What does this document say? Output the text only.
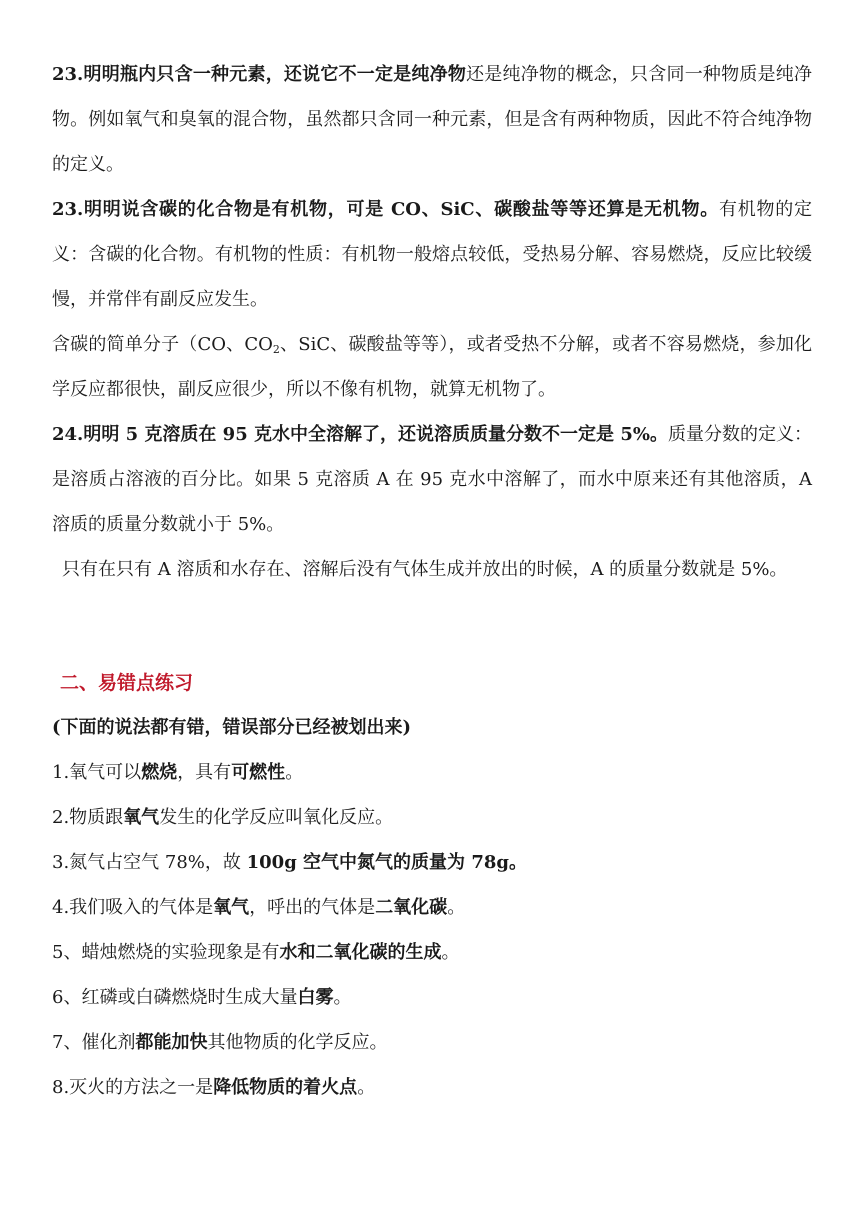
23.明明瓶内只含一种元素，还说它不一定是纯净物还是纯净物的概念，只含同一种物质是纯净物。例如氧气和臭氧的混合物，虽然都只含同一种元素，但是含有两种物质，因此不符合纯净物的定义。

23.明明说含碳的化合物是有机物，可是 CO、SiC、碳酸盐等等还算是无机物。有机物的定义：含碳的化合物。有机物的性质：有机物一般熔点较低，受热易分解、容易燃烧，反应比较缓慢，并常伴有副反应发生。

含碳的简单分子（CO、$CO_2$、SiC、碳酸盐等等），或者受热不分解，或者不容易燃烧，参加化学反应都很快，副反应很少，所以不像有机物，就算无机物了。

24.明明 5 克溶质在 95 克水中全溶解了，还说溶质质量分数不一定是 5%。质量分数的定义：是溶质占溶液的百分比。如果 5 克溶质 A 在 95 克水中溶解了，而水中原来还有其他溶质，A 溶质的质量分数就小于 5%。

只有在只有 A 溶质和水存在、溶解后没有气体生成并放出的时候，A 的质量分数就是 5%。

二、易错点练习
(下面的说法都有错，错误部分已经被划出来)

1.氧气可以燃烧，具有可燃性。

2.物质跟氧气发生的化学反应叫氧化反应。

3.氮气占空气 78%，故 100g 空气中氮气的质量为 78g。

4.我们吸入的气体是氧气，呼出的气体是二氧化碳。

5、蜡烛燃烧的实验现象是有水和二氧化碳的生成。

6、红磷或白磷燃烧时生成大量白雾。

7、催化剂都能加快其他物质的化学反应。

8.灭火的方法之一是降低物质的着火点。
